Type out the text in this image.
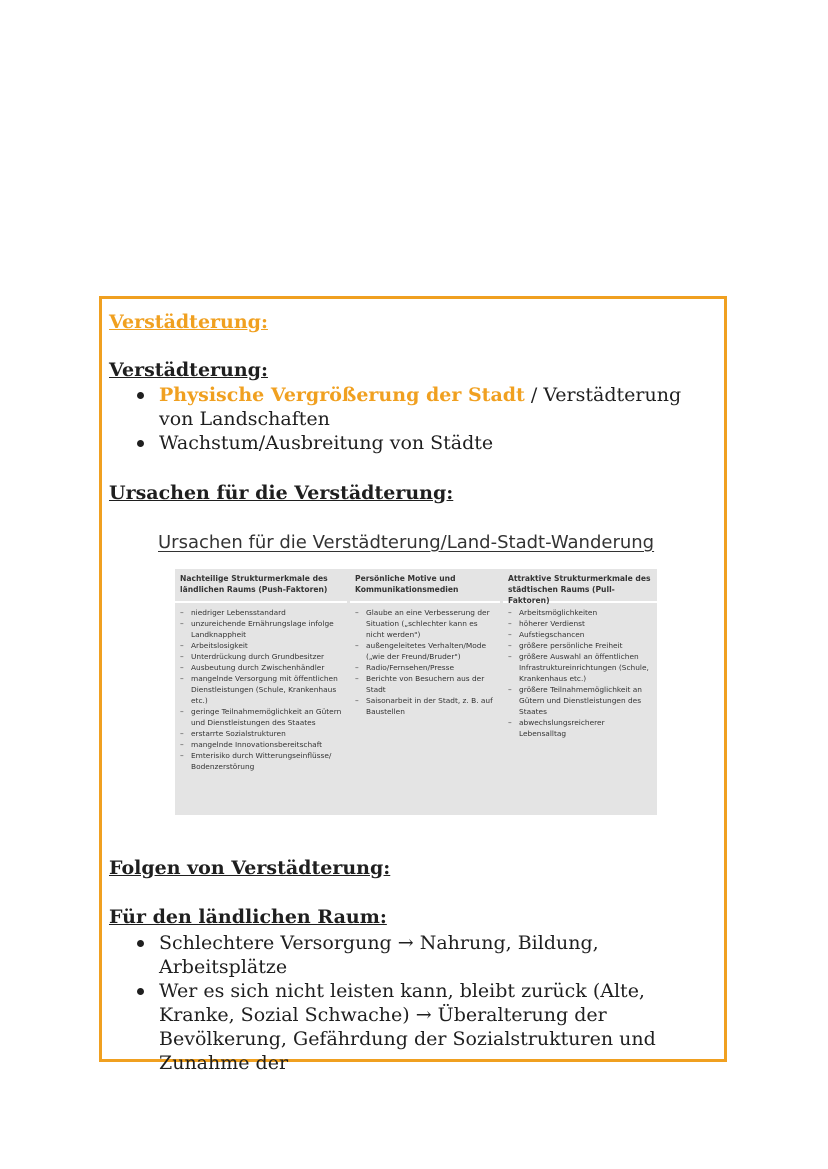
Verstädterung:
Verstädterung:
Physische Vergrößerung der Stadt / Verstädterung von Landschaften
Wachstum/Ausbreitung von Städte
Ursachen für die Verstädterung:
Ursachen für die Verstädterung/Land-Stadt-Wanderung
Nachteilige Strukturmerkmale des ländlichen Raums (Push-Faktoren)
– niedriger Lebensstandard
– unzureichende Ernährungslage infolge Landknappheit
– Arbeitslosigkeit
– Unterdrückung durch Grundbesitzer
– Ausbeutung durch Zwischenhändler
– mangelnde Versorgung mit öffentlichen Dienstleistungen (Schule, Krankenhaus etc.)
– geringe Teilnahmemöglichkeit an Gütern und Dienstleistungen des Staates
– erstarrte Sozialstrukturen
– mangelnde Innovationsbereitschaft
– Emterisiko durch Witterungseinflüsse/ Bodenzerstörung
Persönliche Motive und Kommunikationsmedien
– Glaube an eine Verbesserung der Situation („schlechter kann es nicht werden")
– außengeleitetes Verhalten/Mode („wie der Freund/Bruder")
– Radio/Fernsehen/Presse
– Berichte von Besuchern aus der Stadt
– Saisonarbeit in der Stadt, z. B. auf Baustellen
Attraktive Strukturmerkmale des städtischen Raums (Pull-Faktoren)
– Arbeitsmöglichkeiten
– höherer Verdienst
– Aufstiegschancen
– größere persönliche Freiheit
– größere Auswahl an öffentlichen Infrastruktureinrichtungen (Schule, Krankenhaus etc.)
– größere Teilnahmemöglichkeit an Gütern und Dienstleistungen des Staates
– abwechslungsreicherer Lebensalltag
Folgen von Verstädterung:
Für den ländlichen Raum:
Schlechtere Versorgung → Nahrung, Bildung, Arbeitsplätze
Wer es sich nicht leisten kann, bleibt zurück (Alte, Kranke, Sozial Schwache) → Überalterung der Bevölkerung, Gefährdung der Sozialstrukturen und Zunahme der
